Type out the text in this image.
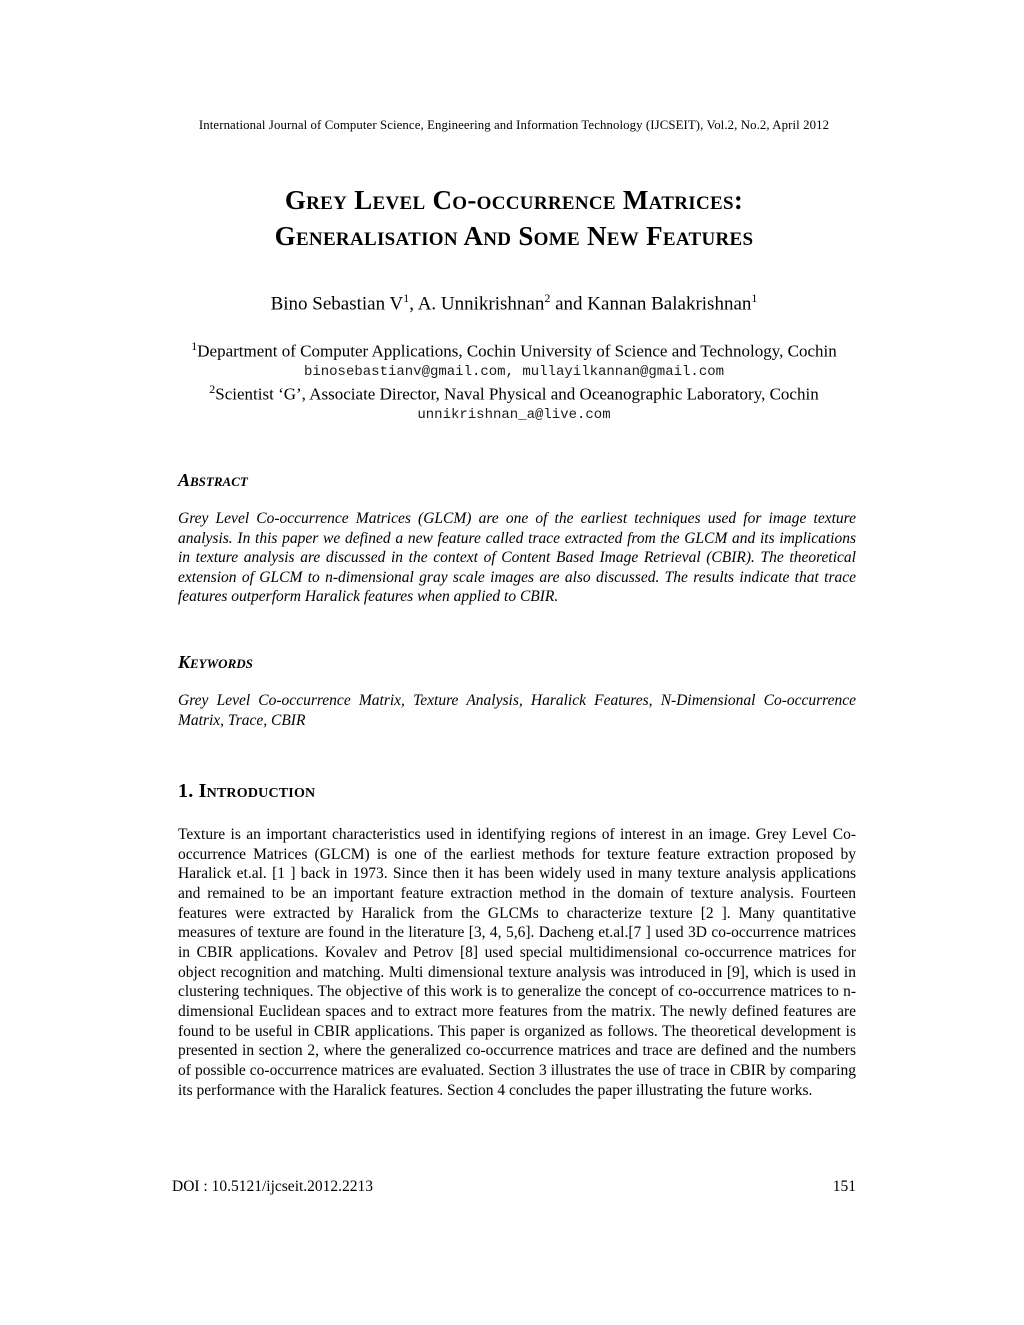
International Journal of Computer Science, Engineering and Information Technology (IJCSEIT), Vol.2, No.2, April 2012
Grey Level Co-occurrence Matrices:
Generalisation And Some New Features
Bino Sebastian $V^1$, A. Unnikrishnan$^2$ and Kannan Balakrishnan$^1$
$^1$Department of Computer Applications, Cochin University of Science and Technology, Cochin
binosebastianv@gmail.com, mullayilkannan@gmail.com
$^2$Scientist ‘G’, Associate Director, Naval Physical and Oceanographic Laboratory, Cochin
unnikrishnan_a@live.com
Abstract

Grey Level Co-occurrence Matrices (GLCM) are one of the earliest techniques used for image texture analysis. In this paper we defined a new feature called trace extracted from the GLCM and its implications in texture analysis are discussed in the context of Content Based Image Retrieval (CBIR). The theoretical extension of GLCM to n-dimensional gray scale images are also discussed. The results indicate that trace features outperform Haralick features when applied to CBIR.

Keywords

Grey Level Co-occurrence Matrix, Texture Analysis, Haralick Features, N-Dimensional Co-occurrence Matrix, Trace, CBIR

1. Introduction

Texture is an important characteristics used in identifying regions of interest in an image. Grey Level Co-occurrence Matrices (GLCM) is one of the earliest methods for texture feature extraction proposed by Haralick et.al. [1 ] back in 1973. Since then it has been widely used in many texture analysis applications and remained to be an important feature extraction method in the domain of texture analysis. Fourteen features were extracted by Haralick from the GLCMs to characterize texture [2 ]. Many quantitative measures of texture are found in the literature [3, 4, 5,6]. Dacheng et.al.[7 ] used 3D co-occurrence matrices in CBIR applications. Kovalev and Petrov [8] used special multidimensional co-occurrence matrices for object recognition and matching. Multi dimensional texture analysis was introduced in [9], which is used in clustering techniques. The objective of this work is to generalize the concept of co-occurrence matrices to n-dimensional Euclidean spaces and to extract more features from the matrix. The newly defined features are found to be useful in CBIR applications. This paper is organized as follows. The theoretical development is presented in section 2, where the generalized co-occurrence matrices and trace are defined and the numbers of possible co-occurrence matrices are evaluated. Section 3 illustrates the use of trace in CBIR by comparing its performance with the Haralick features. Section 4 concludes the paper illustrating the future works.

DOI : 10.5121/ijcseit.2012.2213	151
